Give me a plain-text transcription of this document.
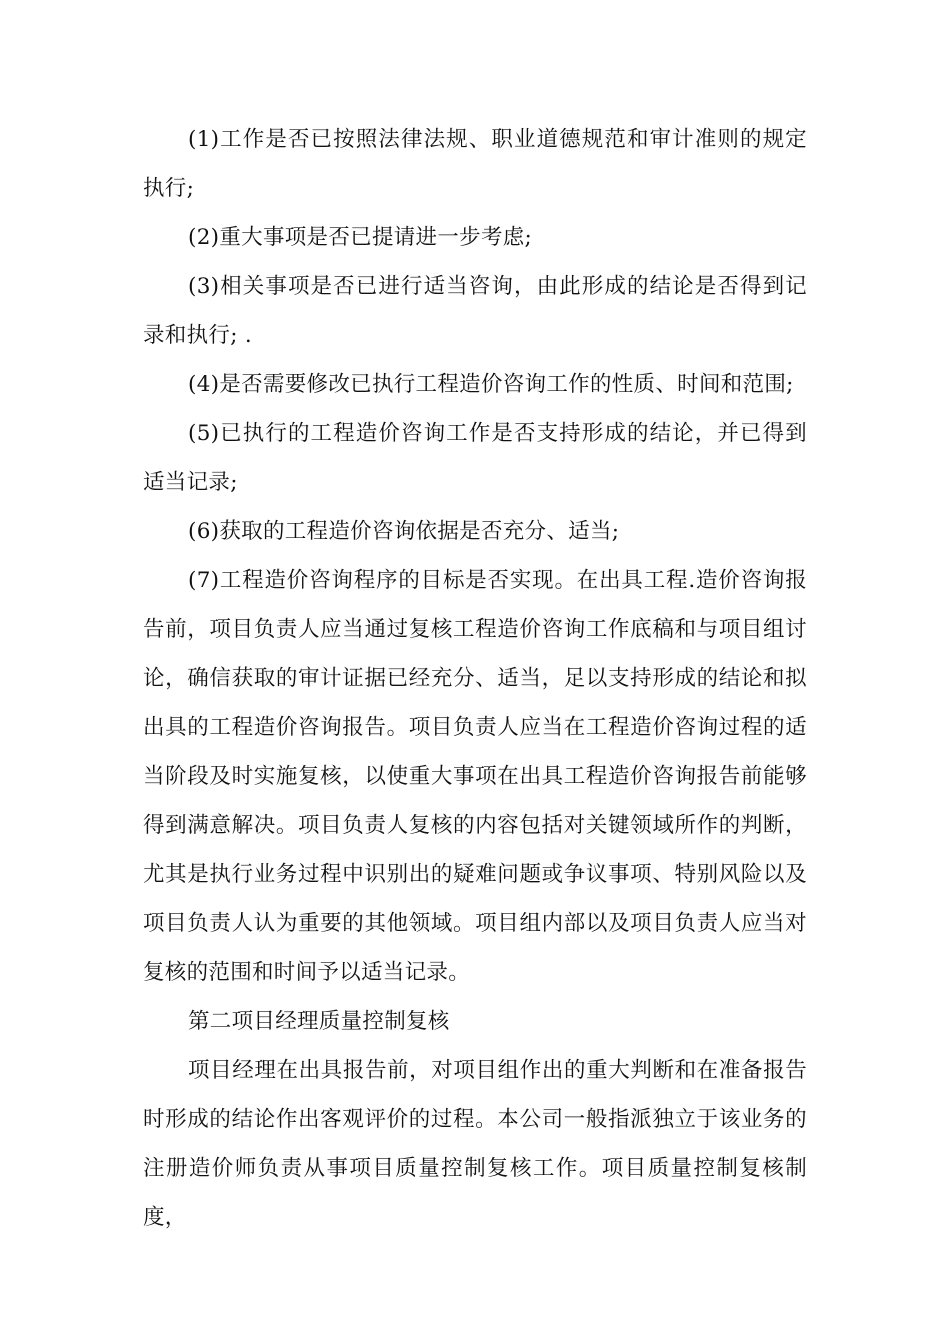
(1)工作是否已按照法律法规、职业道德规范和审计准则的规定执行;

(2)重大事项是否已提请进一步考虑;

(3)相关事项是否已进行适当咨询，由此形成的结论是否得到记录和执行; .

(4)是否需要修改已执行工程造价咨询工作的性质、时间和范围;

(5)已执行的工程造价咨询工作是否支持形成的结论，并已得到适当记录;

(6)获取的工程造价咨询依据是否充分、适当;

(7)工程造价咨询程序的目标是否实现。在出具工程.造价咨询报告前，项目负责人应当通过复核工程造价咨询工作底稿和与项目组讨论，确信获取的审计证据已经充分、适当，足以支持形成的结论和拟出具的工程造价咨询报告。项目负责人应当在工程造价咨询过程的适当阶段及时实施复核，以使重大事项在出具工程造价咨询报告前能够得到满意解决。项目负责人复核的内容包括对关键领域所作的判断，尤其是执行业务过程中识别出的疑难问题或争议事项、特别风险以及项目负责人认为重要的其他领域。项目组内部以及项目负责人应当对复核的范围和时间予以适当记录。

第二项目经理质量控制复核

项目经理在出具报告前，对项目组作出的重大判断和在准备报告时形成的结论作出客观评价的过程。本公司一般指派独立于该业务的注册造价师负责从事项目质量控制复核工作。项目质量控制复核制度，
